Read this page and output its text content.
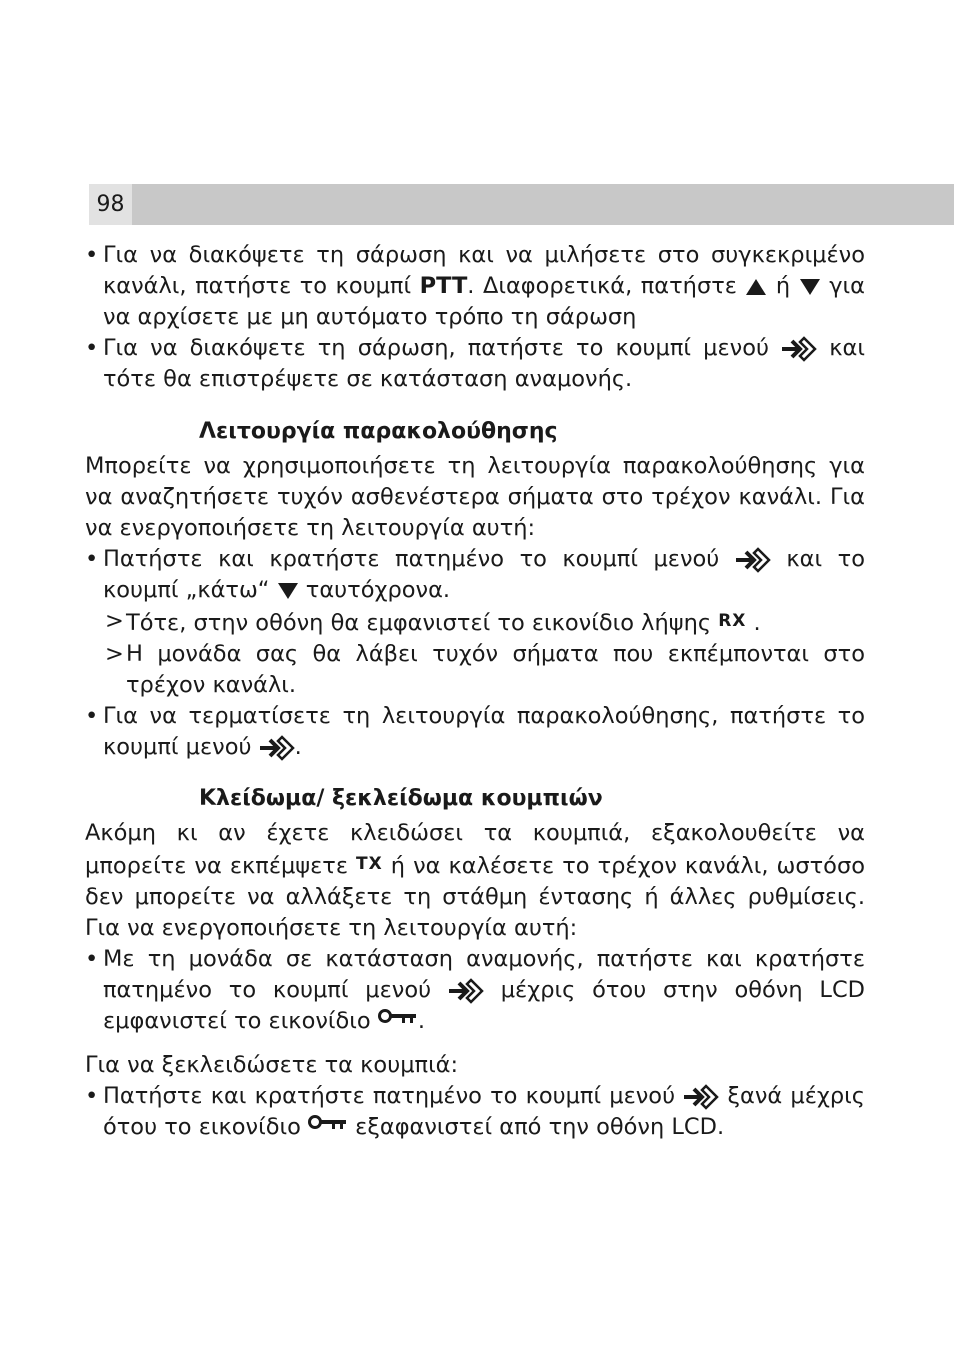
98
• Για να διακόψετε τη σάρωση και να μιλήσετε στο συγκεκριμένο κανάλι, πατήστε το κουμπί PTT. Διαφορετικά, πατήστε
ή
για να αρχίσετε με μη αυτόματο τρόπο τη σάρωση
• Για να διακόψετε τη σάρωση, πατήστε το κουμπί μενού
και τότε θα επιστρέψετε σε κατάσταση αναμονής.
Λειτουργία παρακολούθησης
Μπορείτε να χρησιμοποιήσετε τη λειτουργία παρακολούθησης για να αναζητήσετε τυχόν ασθενέστερα σήματα στο τρέχον κανάλι. Για να ενεργοποιήσετε τη λειτουργία αυτή:
• Πατήστε και κρατήστε πατημένο το κουμπί μενού
και το κουμπί „κάτω“
ταυτόχρονα.
> Τότε, στην οθόνη θα εμφανιστεί το εικονίδιο λήψης RX .
> Η μονάδα σας θα λάβει τυχόν σήματα που εκπέμπονται στο τρέχον κανάλι.
• Για να τερματίσετε τη λειτουργία παρακολούθησης, πατήστε το κουμπί μενού
.
Κλείδωμα/ ξεκλείδωμα κουμπιών
Ακόμη κι αν έχετε κλειδώσει τα κουμπιά, εξακολουθείτε να μπορείτε να εκπέμψετε TX ή να καλέσετε το τρέχον κανάλι, ωστόσο δεν μπορείτε να αλλάξετε τη στάθμη έντασης ή άλλες ρυθμίσεις. Για να ενεργοποιήσετε τη λειτουργία αυτή:
• Με τη μονάδα σε κατάσταση αναμονής, πατήστε και κρατήστε πατημένο το κουμπί μενού
μέχρις ότου στην οθόνη LCD εμφανιστεί το εικονίδιο
.
Για να ξεκλειδώσετε τα κουμπιά:
• Πατήστε και κρατήστε πατημένο το κουμπί μενού
ξανά μέχρις ότου το εικονίδιο
εξαφανιστεί από την οθόνη LCD.
